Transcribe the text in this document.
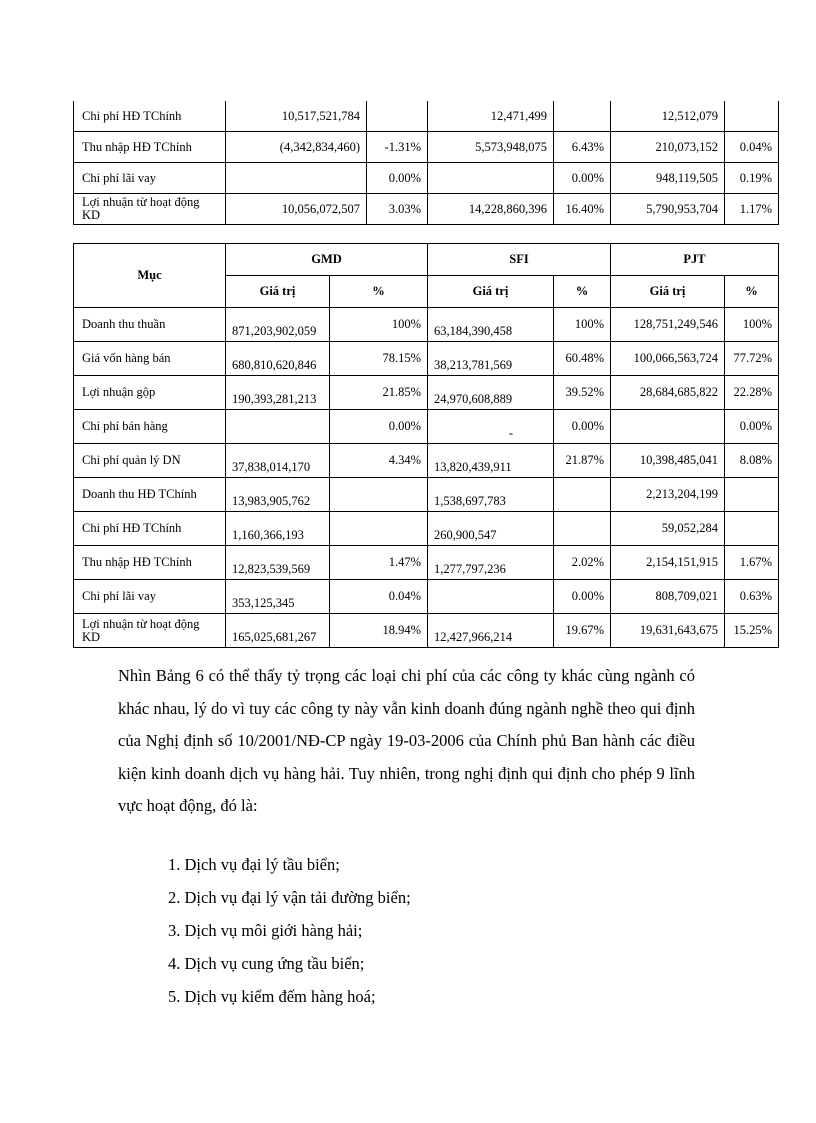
Chi phí HĐ TChính	10,517,521,784		12,471,499		12,512,079	
Thu nhập HĐ TChính	(4,342,834,460)	-1.31%	5,573,948,075	6.43%	210,073,152	0.04%
Chi phí lãi vay		0.00%		0.00%	948,119,505	0.19%
Lợi nhuận từ hoạt động KD	10,056,072,507	3.03%	14,228,860,396	16.40%	5,790,953,704	1.17%
Mục	GMD		SFI		PJT	
	Giá trị	%	Giá trị	%	Giá trị	%
Doanh thu thuần	871,203,902,059	100%	63,184,390,458	100%	128,751,249,546	100%
Giá vốn hàng bán	680,810,620,846	78.15%	38,213,781,569	60.48%	100,066,563,724	77.72%
Lợi nhuận gộp	190,393,281,213	21.85%	24,970,608,889	39.52%	28,684,685,822	22.28%
Chi phí bán hàng		0.00%	-	0.00%		0.00%
Chi phí quản lý DN	37,838,014,170	4.34%	13,820,439,911	21.87%	10,398,485,041	8.08%
Doanh thu HĐ TChính	13,983,905,762		1,538,697,783		2,213,204,199	
Chi phí HĐ TChính	1,160,366,193		260,900,547		59,052,284	
Thu nhập HĐ TChính	12,823,539,569	1.47%	1,277,797,236	2.02%	2,154,151,915	1.67%
Chi phí lãi vay	353,125,345	0.04%		0.00%	808,709,021	0.63%
Lợi nhuận từ hoạt động KD	165,025,681,267	18.94%	12,427,966,214	19.67%	19,631,643,675	15.25%

Nhìn Bảng 6 có thể thấy tỷ trọng các loại chi phí của các công ty khác cùng ngành có khác nhau, lý do vì tuy các công ty này vẫn kinh doanh đúng ngành nghề theo qui định của Nghị định số 10/2001/NĐ-CP ngày 19-03-2006 của Chính phủ Ban hành các điều kiện kinh doanh dịch vụ hàng hải. Tuy nhiên, trong nghị định qui định cho phép 9 lĩnh vực hoạt động, đó là:

1. Dịch vụ đại lý tầu biển;
2. Dịch vụ đại lý vận tải đường biển;
3. Dịch vụ môi giới hàng hải;
4. Dịch vụ cung ứng tầu biển;
5. Dịch vụ kiểm đếm hàng hoá;
